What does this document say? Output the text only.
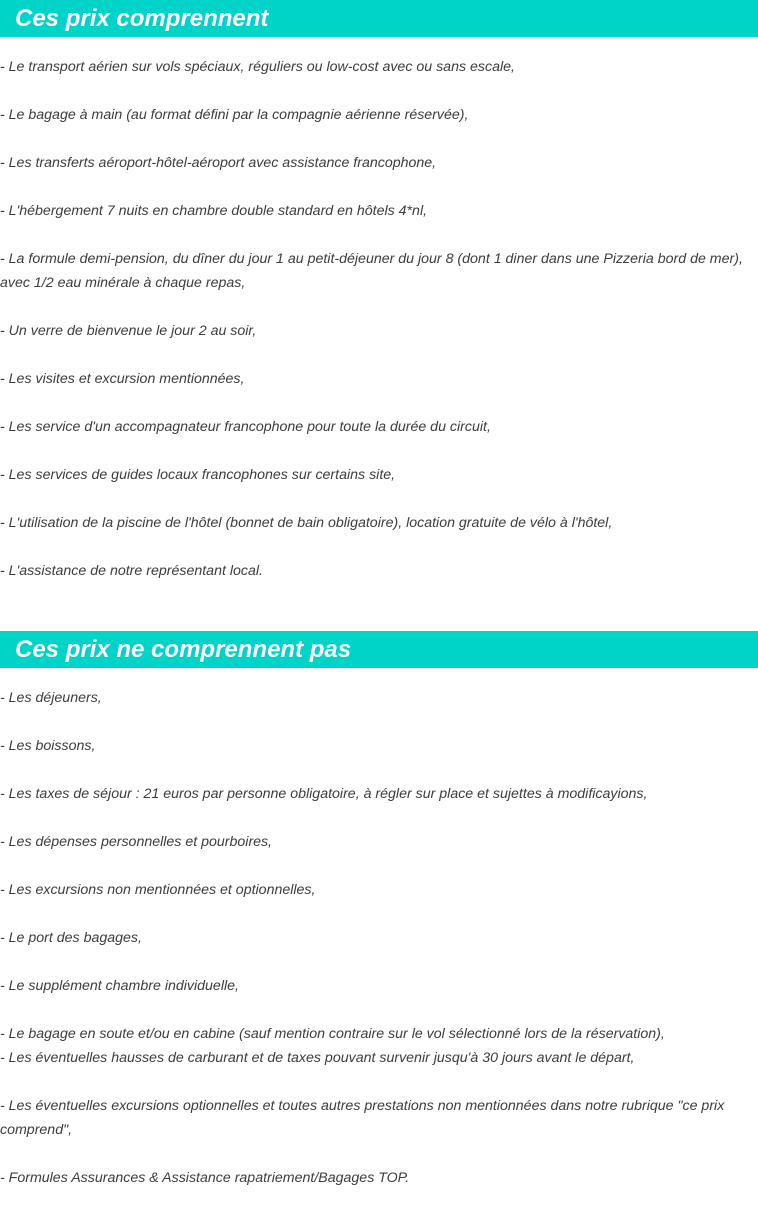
Ces prix comprennent
- Le transport aérien sur vols spéciaux, réguliers ou low-cost avec ou sans escale,
- Le bagage à main (au format défini par la compagnie aérienne réservée),
- Les transferts aéroport-hôtel-aéroport avec assistance francophone,
- L'hébergement 7 nuits en chambre double standard en hôtels 4*nl,
- La formule demi-pension, du dîner du jour 1 au petit-déjeuner du jour 8 (dont 1 diner dans une Pizzeria bord de mer), avec 1/2 eau minérale à chaque repas,
- Un verre de bienvenue le jour 2 au soir,
- Les visites et excursion mentionnées,
- Les service d'un accompagnateur francophone pour toute la durée du circuit,
- Les services de guides locaux francophones sur certains site,
- L'utilisation de la piscine de l'hôtel (bonnet de bain obligatoire), location gratuite de vélo à l'hôtel,
- L'assistance de notre représentant local.
Ces prix ne comprennent pas
- Les déjeuners,
- Les boissons,
- Les taxes de séjour : 21 euros par personne obligatoire, à régler sur place et sujettes à modificayions,
- Les dépenses personnelles et pourboires,
- Les excursions non mentionnées et optionnelles,
- Le port des bagages,
- Le supplément chambre individuelle,
- Le bagage en soute et/ou en cabine (sauf mention contraire sur le vol sélectionné lors de la réservation),
- Les éventuelles hausses de carburant et de taxes pouvant survenir jusqu'à 30 jours avant le départ,
- Les éventuelles excursions optionnelles et toutes autres prestations non mentionnées dans notre rubrique "ce prix comprend",
- Formules Assurances & Assistance rapatriement/Bagages TOP.
